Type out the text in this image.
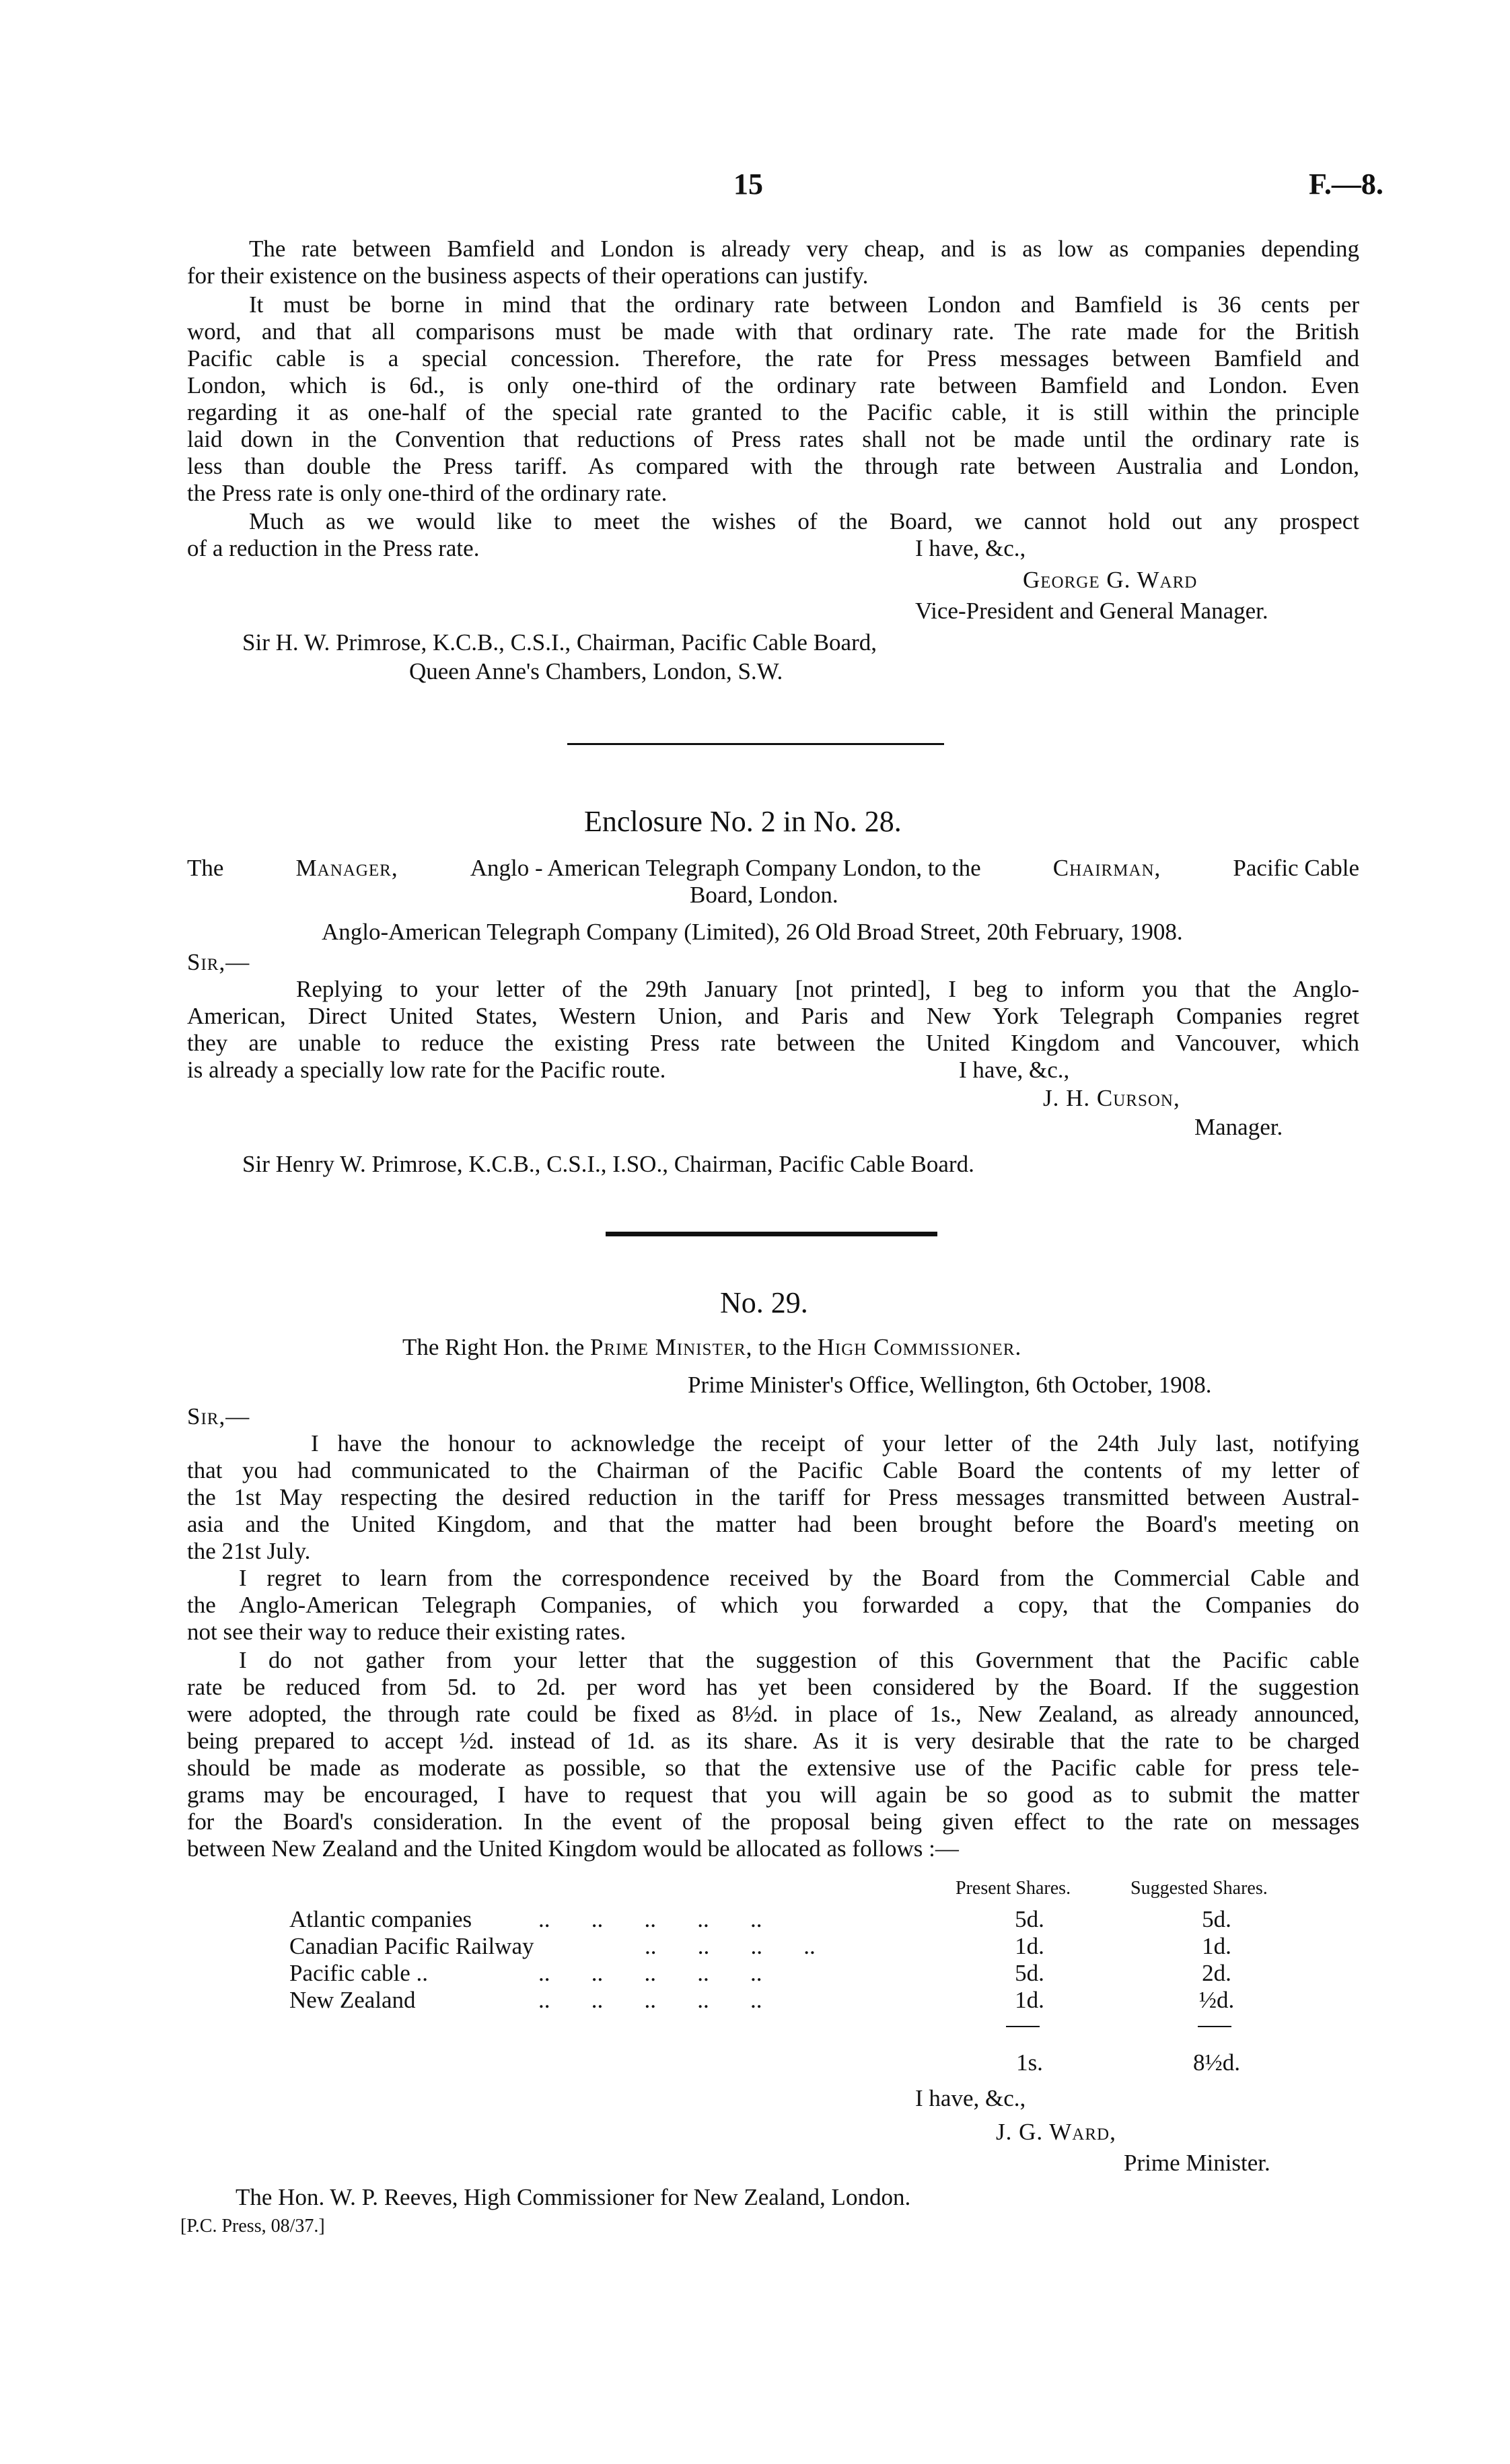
15	F.—8.
The rate between Bamfield and London is already very cheap, and is as low as companies depending
for their existence on the business aspects of their operations can justify.
It must be borne in mind that the ordinary rate between London and Bamfield is 36 cents per
word, and that all comparisons must be made with that ordinary rate. The rate made for the British
Pacific cable is a special concession. Therefore, the rate for Press messages between Bamfield and
London, which is 6d., is only one-third of the ordinary rate between Bamfield and London. Even
regarding it as one-half of the special rate granted to the Pacific cable, it is still within the principle
laid down in the Convention that reductions of Press rates shall not be made until the ordinary rate is
less than double the Press tariff. As compared with the through rate between Australia and London,
the Press rate is only one-third of the ordinary rate.
Much as we would like to meet the wishes of the Board, we cannot hold out any prospect
of a reduction in the Press rate.	I have, &c.,
George G. Ward
Vice-President and General Manager.
Sir H. W. Primrose, K.C.B., C.S.I., Chairman, Pacific Cable Board,
Queen Anne's Chambers, London, S.W.
Enclosure No. 2 in No. 28.
The	Manager,	Anglo - American Telegraph Company London, to the	Chairman,	Pacific Cable
Board, London.
Anglo-American Telegraph Company (Limited), 26 Old Broad Street, 20th February, 1908.
Sir,—
Replying to your letter of the 29th January [not printed], I beg to inform you that the Anglo-
American, Direct United States, Western Union, and Paris and New York Telegraph Companies regret
they are unable to reduce the existing Press rate between the United Kingdom and Vancouver, which
is already a specially low rate for the Pacific route.	I have, &c.,
J. H. Curson,
Manager.
Sir Henry W. Primrose, K.C.B., C.S.I., I.SO., Chairman, Pacific Cable Board.
No. 29.
The Right Hon. the Prime Minister, to the High Commissioner.
Prime Minister's Office, Wellington, 6th October, 1908.
Sir,—
I have the honour to acknowledge the receipt of your letter of the 24th July last, notifying
that you had communicated to the Chairman of the Pacific Cable Board the contents of my letter of
the 1st May respecting the desired reduction in the tariff for Press messages transmitted between Austral-
asia and the United Kingdom, and that the matter had been brought before the Board's meeting on
the 21st July.
I regret to learn from the correspondence received by the Board from the Commercial Cable and
the Anglo-American Telegraph Companies, of which you forwarded a copy, that the Companies do
not see their way to reduce their existing rates.
I do not gather from your letter that the suggestion of this Government that the Pacific cable
rate be reduced from 5d. to 2d. per word has yet been considered by the Board. If the suggestion
were adopted, the through rate could be fixed as 8½d. in place of 1s., New Zealand, as already announced,
being prepared to accept ½d. instead of 1d. as its share. As it is very desirable that the rate to be charged
should be made as moderate as possible, so that the extensive use of the Pacific cable for press tele-
grams may be encouraged, I have to request that you will again be so good as to submit the matter
for the Board's consideration. In the event of the proposal being given effect to the rate on messages
between New Zealand and the United Kingdom would be allocated as follows :—
Present Shares.	Suggested Shares.
Atlantic companies	..       ..       ..       ..       ..	5d.	5d.
Canadian Pacific Railway	..       ..       ..       ..	1d.	1d.
Pacific cable ..	..       ..       ..       ..       ..	5d.	2d.
New Zealand	..       ..       ..       ..       ..	1d.	½d.
1s.	8½d.
I have, &c.,
J. G. Ward,
Prime Minister.
The Hon. W. P. Reeves, High Commissioner for New Zealand, London.
[P.C. Press, 08/37.]
